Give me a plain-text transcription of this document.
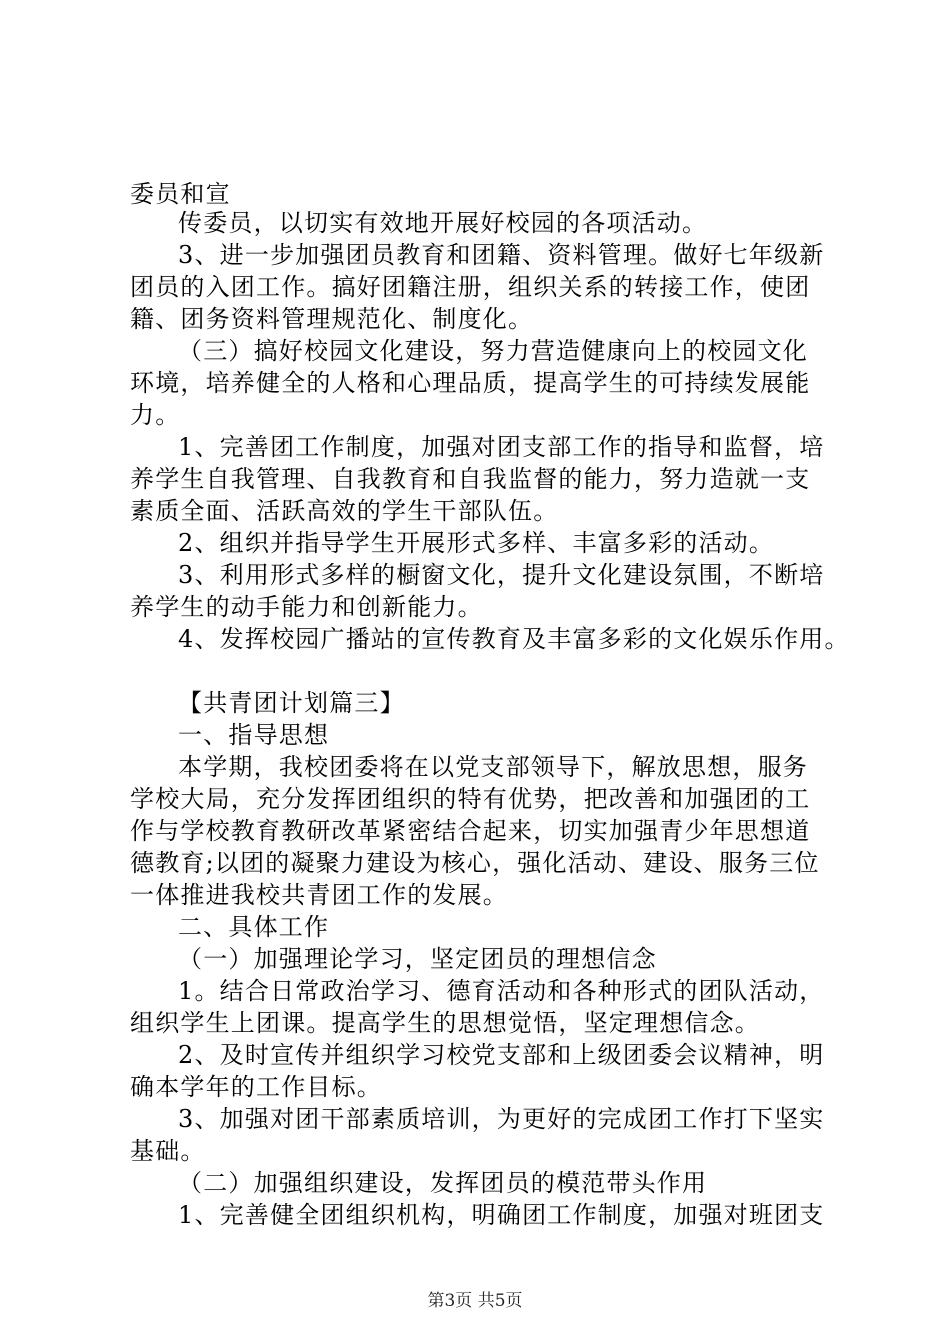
委员和宣
传委员，以切实有效地开展好校园的各项活动。
3、进一步加强团员教育和团籍、资料管理。做好七年级新
团员的入团工作。搞好团籍注册，组织关系的转接工作，使团
籍、团务资料管理规范化、制度化。
（三）搞好校园文化建设，努力营造健康向上的校园文化
环境，培养健全的人格和心理品质，提高学生的可持续发展能
力。
1、完善团工作制度，加强对团支部工作的指导和监督，培
养学生自我管理、自我教育和自我监督的能力，努力造就一支
素质全面、活跃高效的学生干部队伍。
2、组织并指导学生开展形式多样、丰富多彩的活动。
3、利用形式多样的橱窗文化，提升文化建设氛围，不断培
养学生的动手能力和创新能力。
4、发挥校园广播站的宣传教育及丰富多彩的文化娱乐作用。
【共青团计划篇三】
一、指导思想
本学期，我校团委将在以党支部领导下，解放思想，服务
学校大局，充分发挥团组织的特有优势，把改善和加强团的工
作与学校教育教研改革紧密结合起来，切实加强青少年思想道
德教育;以团的凝聚力建设为核心，强化活动、建设、服务三位
一体推进我校共青团工作的发展。
二、具体工作
（一）加强理论学习，坚定团员的理想信念
1。结合日常政治学习、德育活动和各种形式的团队活动，
组织学生上团课。提高学生的思想觉悟，坚定理想信念。
2、及时宣传并组织学习校党支部和上级团委会议精神，明
确本学年的工作目标。
3、加强对团干部素质培训，为更好的完成团工作打下坚实
基础。
（二）加强组织建设，发挥团员的模范带头作用
1、完善健全团组织机构，明确团工作制度，加强对班团支
第3页 共5页
